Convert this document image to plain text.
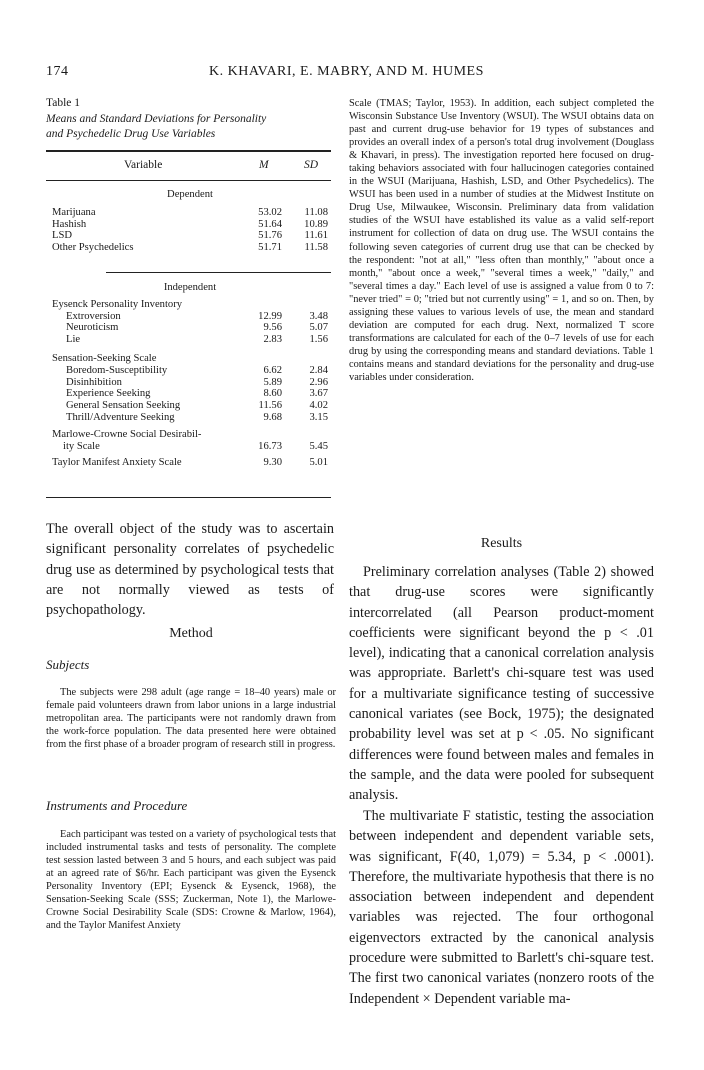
174	K. KHAVARI, E. MABRY, AND M. HUMES
Table 1
Means and Standard Deviations for Personality
and Psychedelic Drug Use Variables
Variable	M	SD
Dependent
Marijuana	53.02	11.08
Hashish	51.64	10.89
LSD	51.76	11.61
Other Psychedelics	51.71	11.58
Independent
Eysenck Personality Inventory
Extroversion	12.99	3.48
Neuroticism	9.56	5.07
Lie	2.83	1.56
Sensation-Seeking Scale
Boredom-Susceptibility	6.62	2.84
Disinhibition	5.89	2.96
Experience Seeking	8.60	3.67
General Sensation Seeking	11.56	4.02
Thrill/Adventure Seeking	9.68	3.15
Marlowe-Crowne Social Desirabil-
ity Scale	16.73	5.45
Taylor Manifest Anxiety Scale	9.30	5.01

The overall object of the study was to ascertain significant personality correlates of psychedelic drug use as determined by psychological tests that are not normally viewed as tests of psychopathology.

Method
Subjects

The subjects were 298 adult (age range = 18–40 years) male or female paid volunteers drawn from labor unions in a large industrial metropolitan area. The participants were not randomly drawn from the work-force population. The data presented here were obtained from the first phase of a broader program of research still in progress.

Instruments and Procedure

Each participant was tested on a variety of psychological tests that included instrumental tasks and tests of personality. The complete test session lasted between 3 and 5 hours, and each subject was paid at an agreed rate of $6/hr. Each participant was given the Eysenck Personality Inventory (EPI; Eysenck & Eysenck, 1968), the Sensation-Seeking Scale (SSS; Zuckerman, Note 1), the Marlowe-Crowne Social Desirability Scale (SDS: Crowne & Marlow, 1964), and the Taylor Manifest Anxiety

Scale (TMAS; Taylor, 1953). In addition, each subject completed the Wisconsin Substance Use Inventory (WSUI). The WSUI obtains data on past and current drug-use behavior for 19 types of substances and provides an overall index of a person's total drug involvement (Douglass & Khavari, in press). The investigation reported here focused on drug-taking behaviors associated with four hallucinogen categories contained in the WSUI (Marijuana, Hashish, LSD, and Other Psychedelics). The WSUI has been used in a number of studies at the Midwest Institute on Drug Use, Milwaukee, Wisconsin. Preliminary data from validation studies of the WSUI have established its value as a valid self-report instrument for collection of data on drug use. The WSUI contains the following seven categories of current drug use that can be checked by the respondent: "not at all," "less often than monthly," "about once a month," "about once a week," "several times a week," "daily," and "several times a day." Each level of use is assigned a value from 0 to 7: "never tried" = 0; "tried but not currently using" = 1, and so on. Then, by assigning these values to various levels of use, the mean and standard deviation are computed for each drug. Next, normalized T score transformations are calculated for each of the 0–7 levels of use for each drug by using the corresponding means and standard deviations. Table 1 contains means and standard deviations for the personality and drug-use variables under consideration.

Results

Preliminary correlation analyses (Table 2) showed that drug-use scores were significantly intercorrelated (all Pearson product-moment coefficients were significant beyond the p < .01 level), indicating that a canonical correlation analysis was appropriate. Barlett's chi-square test was used for a multivariate significance testing of successive canonical variates (see Bock, 1975); the designated probability level was set at p < .05. No significant differences were found between males and females in the sample, and the data were pooled for subsequent analysis.

The multivariate F statistic, testing the association between independent and dependent variable sets, was significant, F(40, 1,079) = 5.34, p < .0001). Therefore, the multivariate hypothesis that there is no association between independent and dependent variables was rejected. The four orthogonal eigenvectors extracted by the canonical analysis procedure were submitted to Barlett's chi-square test. The first two canonical variates (nonzero roots of the Independent × Dependent variable ma-
